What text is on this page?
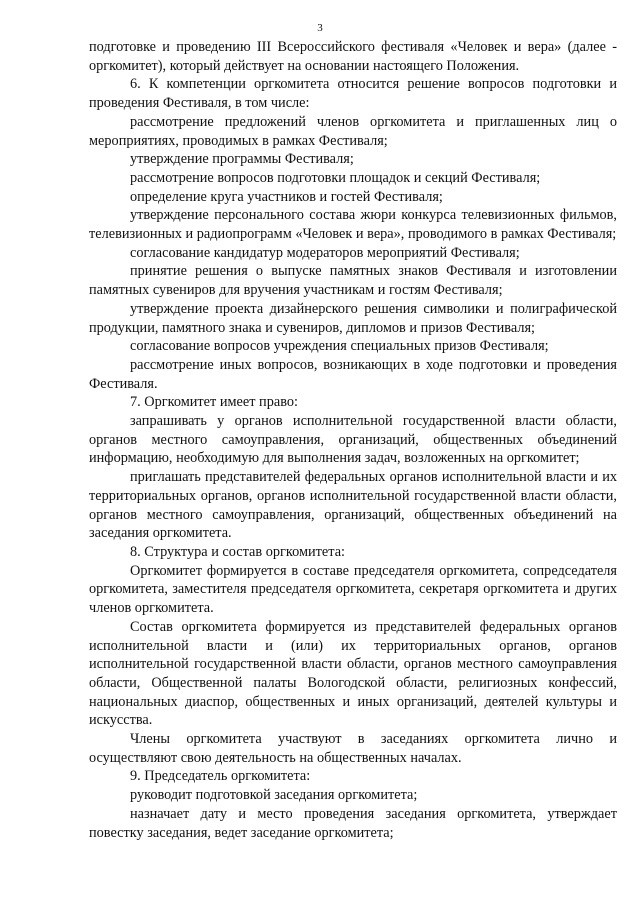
3

подготовке и проведению III Всероссийского фестиваля «Человек и вера» (далее - оргкомитет), который действует на основании настоящего Положения.

6. К компетенции оргкомитета относится решение вопросов подготовки и проведения Фестиваля, в том числе:

рассмотрение предложений членов оргкомитета и приглашенных лиц о мероприятиях, проводимых в рамках Фестиваля;

утверждение программы Фестиваля;

рассмотрение вопросов подготовки площадок и секций Фестиваля;

определение круга участников и гостей Фестиваля;

утверждение персонального состава жюри конкурса телевизионных фильмов, телевизионных и радиопрограмм «Человек и вера», проводимого в рамках Фестиваля;

согласование кандидатур модераторов мероприятий Фестиваля;

принятие решения о выпуске памятных знаков Фестиваля и изготовлении памятных сувениров для вручения участникам и гостям Фестиваля;

утверждение проекта дизайнерского решения символики и полиграфической продукции, памятного знака и сувениров, дипломов и призов Фестиваля;

согласование вопросов учреждения специальных призов Фестиваля;

рассмотрение иных вопросов, возникающих в ходе подготовки и проведения Фестиваля.

7. Оргкомитет имеет право:

запрашивать у органов исполнительной государственной власти области, органов местного самоуправления, организаций, общественных объединений информацию, необходимую для выполнения задач, возложенных на оргкомитет;

приглашать представителей федеральных органов исполнительной власти и их территориальных органов, органов исполнительной государственной власти области, органов местного самоуправления, организаций, общественных объединений на заседания оргкомитета.

8. Структура и состав оргкомитета:

Оргкомитет формируется в составе председателя оргкомитета, сопредседателя оргкомитета, заместителя председателя оргкомитета, секретаря оргкомитета и других членов оргкомитета.

Состав оргкомитета формируется из представителей федеральных органов исполнительной власти и (или) их территориальных органов, органов исполнительной государственной власти области, органов местного самоуправления области, Общественной палаты Вологодской области, религиозных конфессий, национальных диаспор, общественных и иных организаций, деятелей культуры и искусства.

Члены оргкомитета участвуют в заседаниях оргкомитета лично и осуществляют свою деятельность на общественных началах.

9. Председатель оргкомитета:

руководит подготовкой заседания оргкомитета;

назначает дату и место проведения заседания оргкомитета, утверждает повестку заседания, ведет заседание оргкомитета;
